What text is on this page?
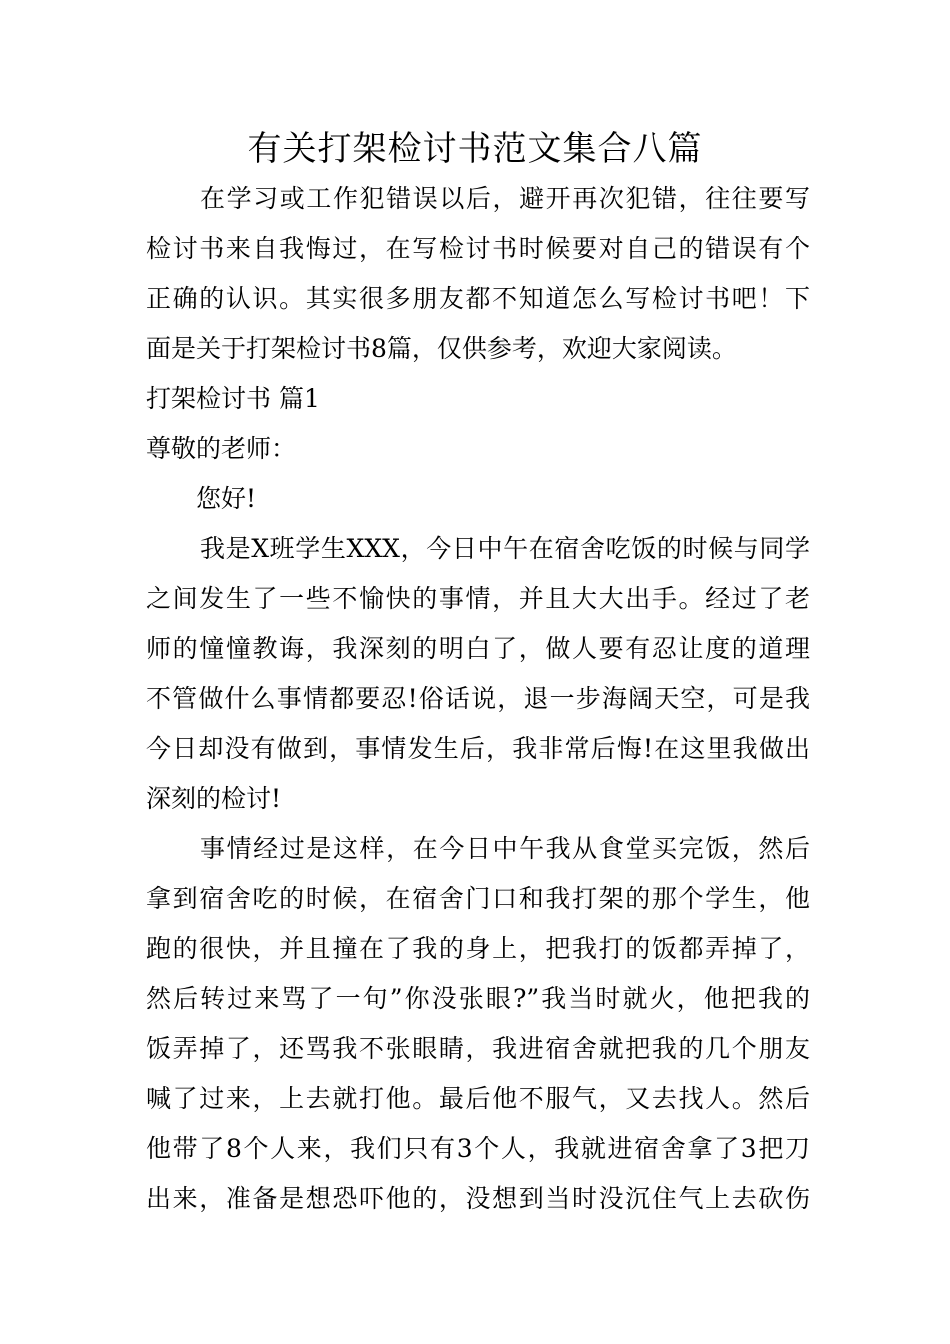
有关打架检讨书范文集合八篇
在学习或工作犯错误以后，避开再次犯错，往往要写
检讨书来自我悔过，在写检讨书时候要对自己的错误有个
正确的认识。其实很多朋友都不知道怎么写检讨书吧！下
面是关于打架检讨书8篇，仅供参考，欢迎大家阅读。
打架检讨书 篇1
尊敬的老师：
您好!
我是X班学生XXX，今日中午在宿舍吃饭的时候与同学
之间发生了一些不愉快的事情，并且大大出手。经过了老
师的憧憧教诲，我深刻的明白了，做人要有忍让度的道理
不管做什么事情都要忍!俗话说，退一步海阔天空，可是我
今日却没有做到，事情发生后，我非常后悔!在这里我做出
深刻的检讨!
事情经过是这样，在今日中午我从食堂买完饭，然后
拿到宿舍吃的时候，在宿舍门口和我打架的那个学生，他
跑的很快，并且撞在了我的身上，把我打的饭都弄掉了，
然后转过来骂了一句”你没张眼?”我当时就火，他把我的
饭弄掉了，还骂我不张眼睛，我进宿舍就把我的几个朋友
喊了过来，上去就打他。最后他不服气，又去找人。然后
他带了8个人来，我们只有3个人，我就进宿舍拿了3把刀
出来，准备是想恐吓他的，没想到当时没沉住气上去砍伤
